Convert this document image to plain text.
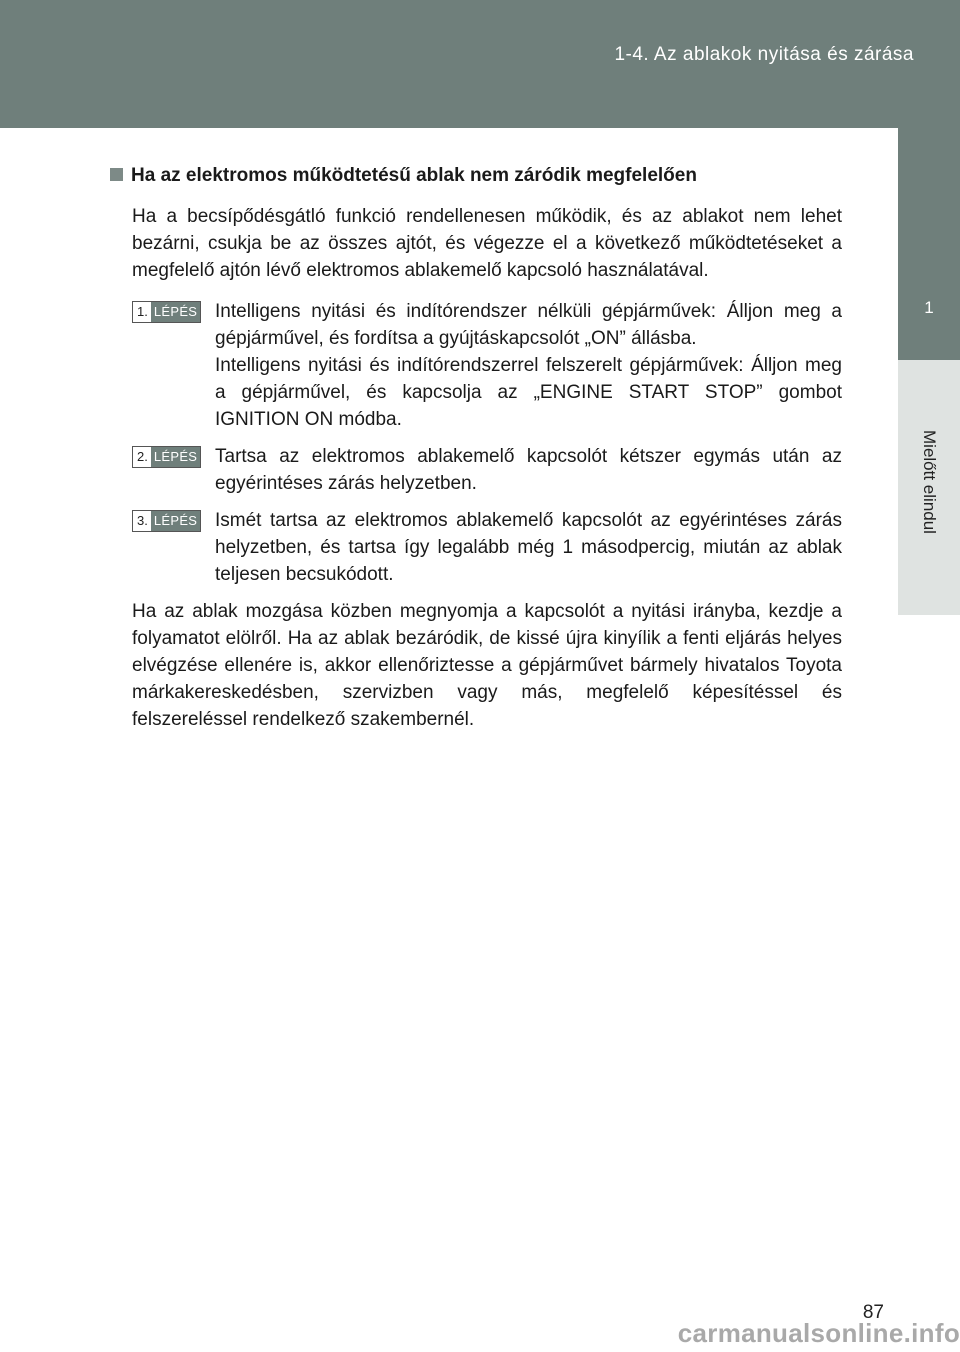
1-4. Az ablakok nyitása és zárása
1
Mielőtt elindul
Ha az elektromos működtetésű ablak nem záródik megfelelően

Ha a becsípődésgátló funkció rendellenesen működik, és az ablakot nem lehet bezárni, csukja be az összes ajtót, és végezze el a következő működtetéseket a megfelelő ajtón lévő elektromos ablakemelő kapcsoló használatával.

1. LÉPÉS Intelligens nyitási és indítórendszer nélküli gépjárművek: Álljon meg a gépjárművel, és fordítsa a gyújtáskapcsolót „ON” állásba.

Intelligens nyitási és indítórendszerrel felszerelt gépjárművek: Álljon meg a gépjárművel, és kapcsolja az „ENGINE START STOP” gombot IGNITION ON módba.

2. LÉPÉS Tartsa az elektromos ablakemelő kapcsolót kétszer egymás után az egyérintéses zárás helyzetben.

3. LÉPÉS Ismét tartsa az elektromos ablakemelő kapcsolót az egyérintéses zárás helyzetben, és tartsa így legalább még 1 másodpercig, miután az ablak teljesen becsukódott.

Ha az ablak mozgása közben megnyomja a kapcsolót a nyitási irányba, kezdje a folyamatot elölről. Ha az ablak bezáródik, de kissé újra kinyílik a fenti eljárás helyes elvégzése ellenére is, akkor ellenőriztesse a gépjárművet bármely hivatalos Toyota márkakereskedésben, szervizben vagy más, megfelelő képesítéssel és felszereléssel rendelkező szakembernél.

87
carmanualsonline.info
